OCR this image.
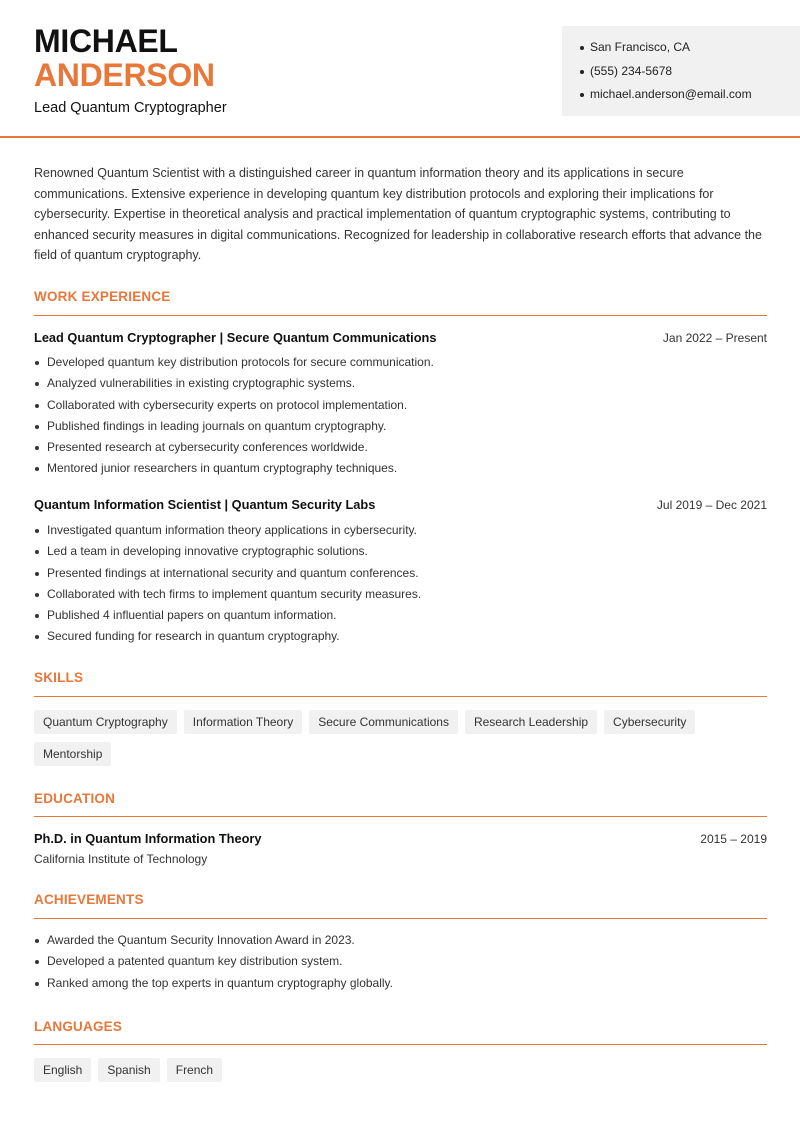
MICHAEL
ANDERSON
Lead Quantum Cryptographer
San Francisco, CA
(555) 234-5678
michael.anderson@email.com

Renowned Quantum Scientist with a distinguished career in quantum information theory and its applications in secure communications. Extensive experience in developing quantum key distribution protocols and exploring their implications for cybersecurity. Expertise in theoretical analysis and practical implementation of quantum cryptographic systems, contributing to enhanced security measures in digital communications. Recognized for leadership in collaborative research efforts that advance the field of quantum cryptography.

WORK EXPERIENCE
Lead Quantum Cryptographer | Secure Quantum Communications	Jan 2022 – Present
Developed quantum key distribution protocols for secure communication.
Analyzed vulnerabilities in existing cryptographic systems.
Collaborated with cybersecurity experts on protocol implementation.
Published findings in leading journals on quantum cryptography.
Presented research at cybersecurity conferences worldwide.
Mentored junior researchers in quantum cryptography techniques.
Quantum Information Scientist | Quantum Security Labs	Jul 2019 – Dec 2021
Investigated quantum information theory applications in cybersecurity.
Led a team in developing innovative cryptographic solutions.
Presented findings at international security and quantum conferences.
Collaborated with tech firms to implement quantum security measures.
Published 4 influential papers on quantum information.
Secured funding for research in quantum cryptography.
SKILLS
Quantum Cryptography	Information Theory	Secure Communications	Research Leadership	Cybersecurity
Mentorship
EDUCATION
Ph.D. in Quantum Information Theory	2015 – 2019
California Institute of Technology
ACHIEVEMENTS
Awarded the Quantum Security Innovation Award in 2023.
Developed a patented quantum key distribution system.
Ranked among the top experts in quantum cryptography globally.
LANGUAGES
English	Spanish	French
